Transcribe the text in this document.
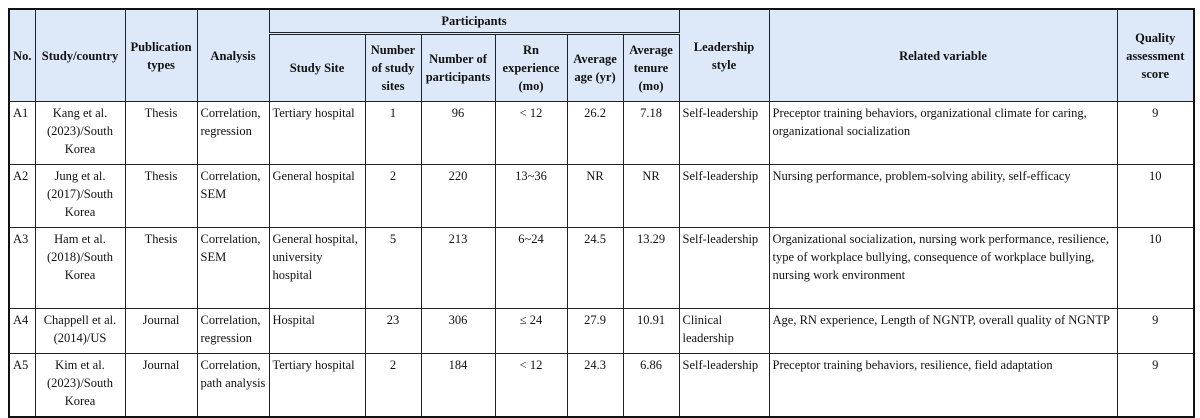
No.	Study/country	Publication types	Analysis	Participants						Leadership style	Related variable	Quality assessment score
				Study Site	Number of study sites	Number of participants	Rn experience (mo)	Average age (yr)	Average tenure (mo)			
A1	Kang et al. (2023)/South Korea	Thesis	Correlation, regression	Tertiary hospital	1	96	< 12	26.2	7.18	Self-leadership	Preceptor training behaviors, organizational climate for caring, organizational socialization	9
A2	Jung et al. (2017)/South Korea	Thesis	Correlation, SEM	General hospital	2	220	13~36	NR	NR	Self-leadership	Nursing performance, problem-solving ability, self-efficacy	10
A3	Ham et al. (2018)/South Korea	Thesis	Correlation, SEM	General hospital, university hospital	5	213	6~24	24.5	13.29	Self-leadership	Organizational socialization, nursing work performance, resilience, type of workplace bullying, consequence of workplace bullying, nursing work environment	10
A4	Chappell et al. (2014)/US	Journal	Correlation, regression	Hospital	23	306	≤ 24	27.9	10.91	Clinical leadership	Age, RN experience, Length of NGNTP, overall quality of NGNTP	9
A5	Kim et al. (2023)/South Korea	Journal	Correlation, path analysis	Tertiary hospital	2	184	< 12	24.3	6.86	Self-leadership	Preceptor training behaviors, resilience, field adaptation	9
